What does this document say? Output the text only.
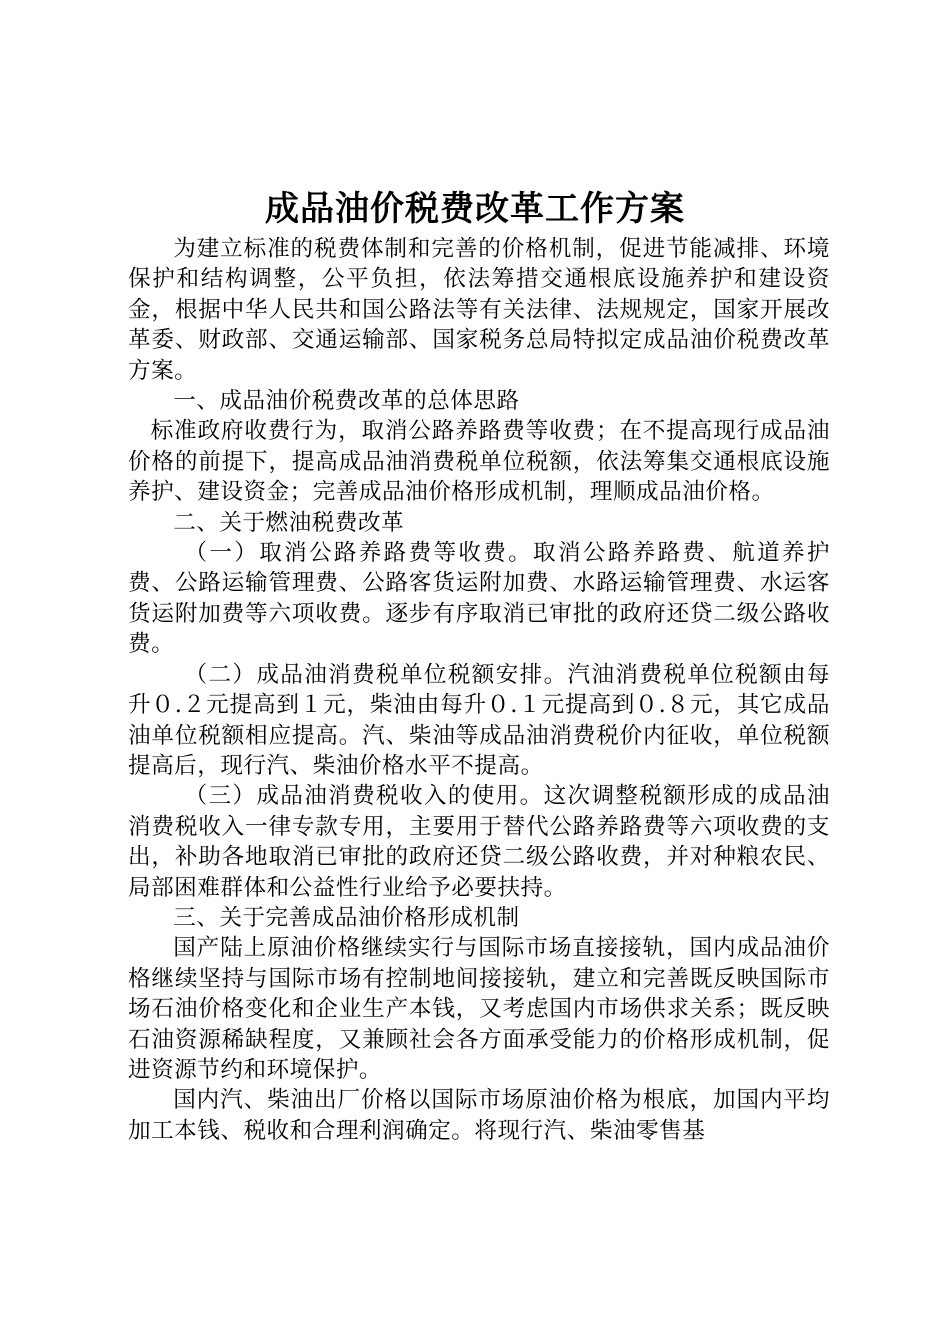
成品油价税费改革工作方案

为建立标准的税费体制和完善的价格机制，促进节能减排、环境保护和结构调整，公平负担，依法筹措交通根底设施养护和建设资金，根据中华人民共和国公路法等有关法律、法规规定，国家开展改革委、财政部、交通运输部、国家税务总局特拟定成品油价税费改革方案。

一、成品油价税费改革的总体思路

标准政府收费行为，取消公路养路费等收费；在不提高现行成品油价格的前提下，提高成品油消费税单位税额，依法筹集交通根底设施养护、建设资金；完善成品油价格形成机制，理顺成品油价格。

二、关于燃油税费改革

（一）取消公路养路费等收费。取消公路养路费、航道养护费、公路运输管理费、公路客货运附加费、水路运输管理费、水运客货运附加费等六项收费。逐步有序取消已审批的政府还贷二级公路收费。

（二）成品油消费税单位税额安排。汽油消费税单位税额由每升０.２元提高到１元，柴油由每升０.１元提高到０.８元，其它成品油单位税额相应提高。汽、柴油等成品油消费税价内征收，单位税额提高后，现行汽、柴油价格水平不提高。

（三）成品油消费税收入的使用。这次调整税额形成的成品油消费税收入一律专款专用，主要用于替代公路养路费等六项收费的支出，补助各地取消已审批的政府还贷二级公路收费，并对种粮农民、局部困难群体和公益性行业给予必要扶持。

三、关于完善成品油价格形成机制

国产陆上原油价格继续实行与国际市场直接接轨，国内成品油价格继续坚持与国际市场有控制地间接接轨，建立和完善既反映国际市场石油价格变化和企业生产本钱，又考虑国内市场供求关系；既反映石油资源稀缺程度，又兼顾社会各方面承受能力的价格形成机制，促进资源节约和环境保护。

国内汽、柴油出厂价格以国际市场原油价格为根底，加国内平均加工本钱、税收和合理利润确定。将现行汽、柴油零售基
